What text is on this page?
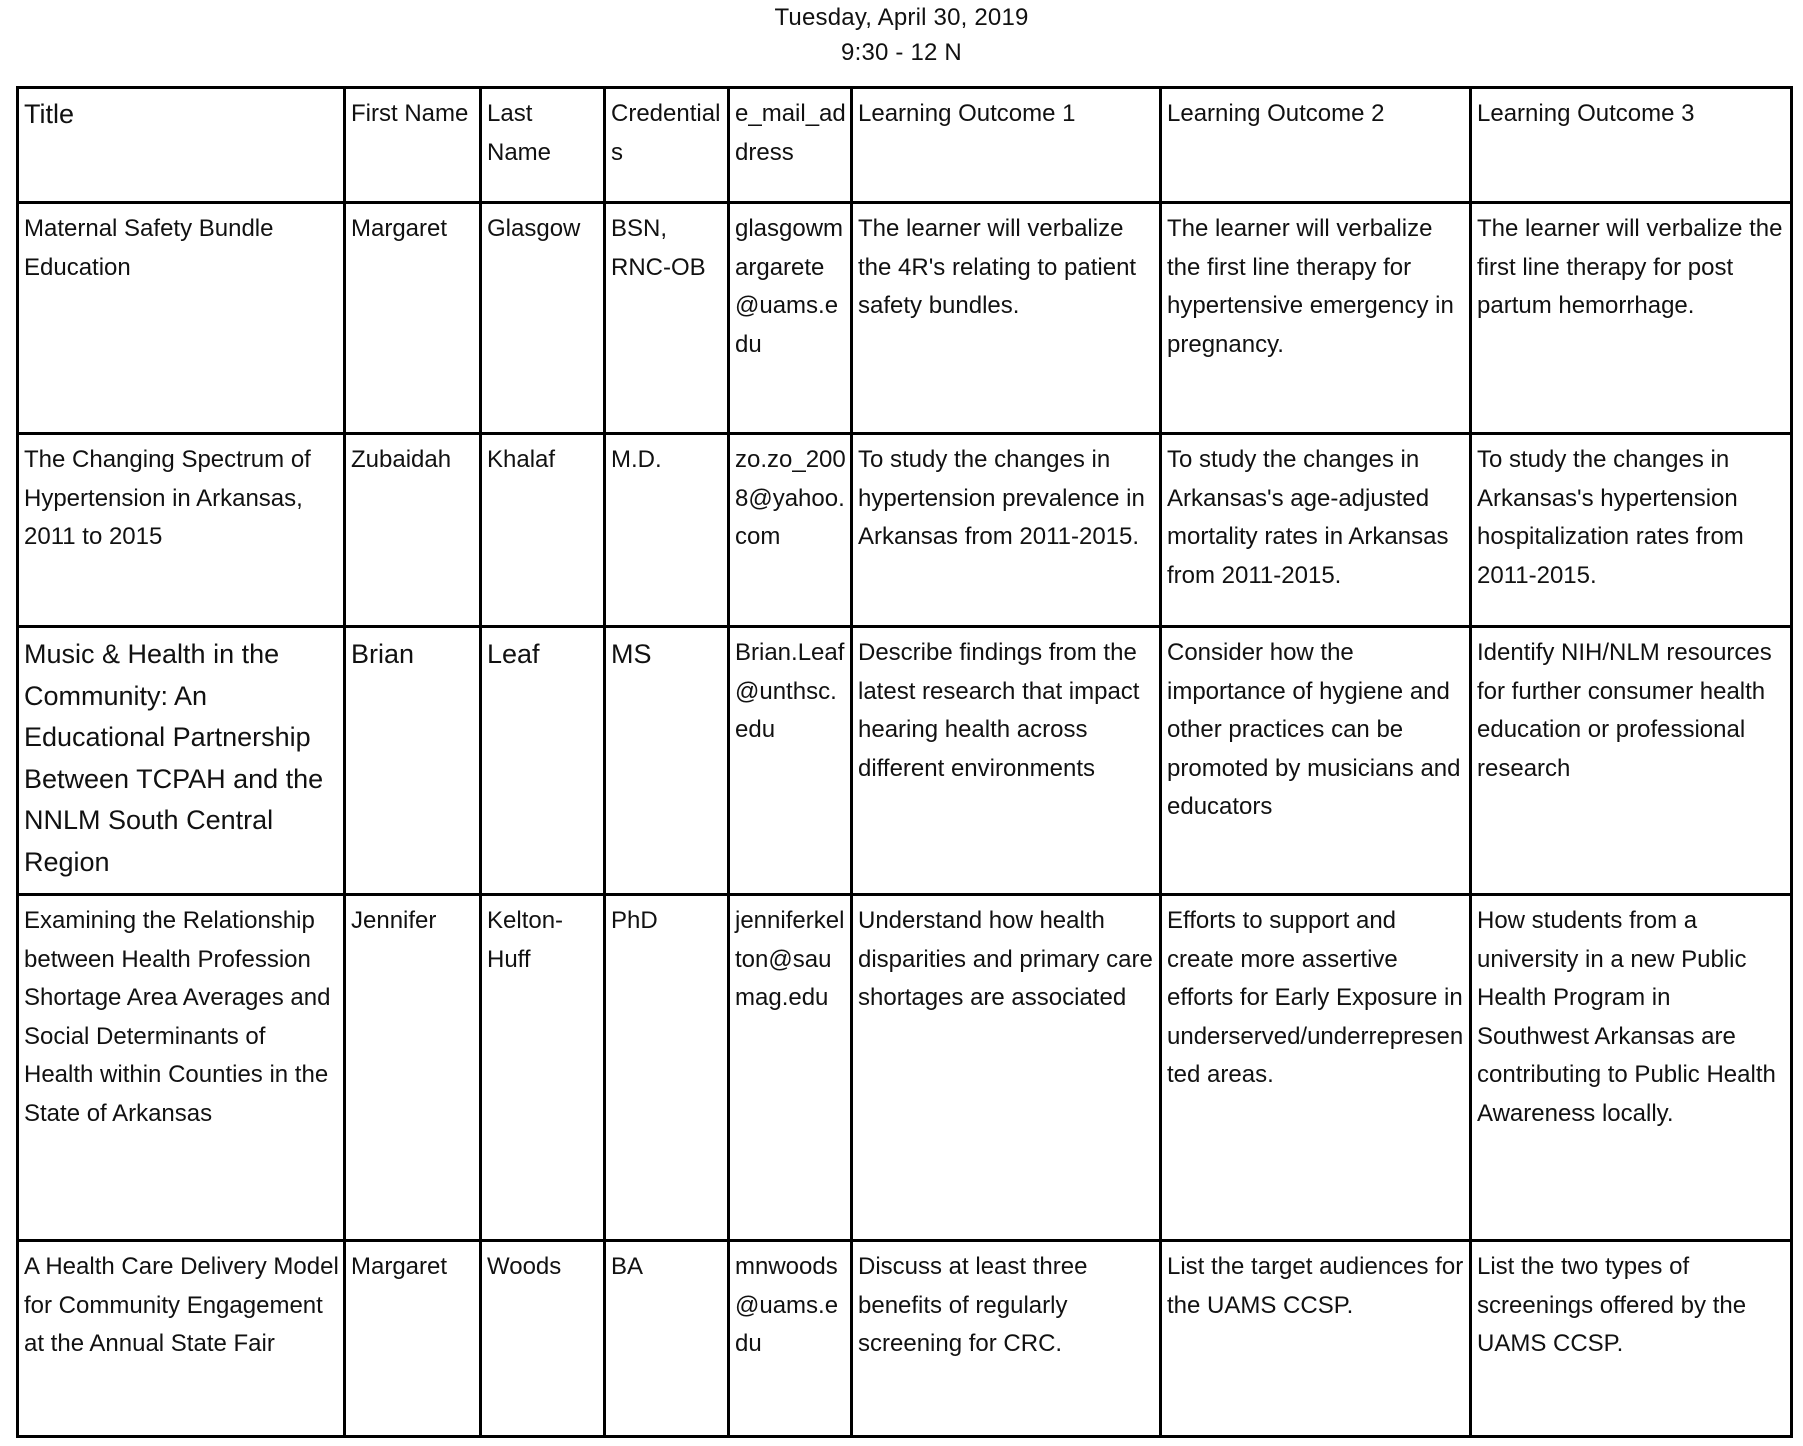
Tuesday, April 30, 2019
9:30 - 12 N
Title	First Name	Last Name	Credentials	e_mail_address	Learning Outcome 1	Learning Outcome 2	Learning Outcome 3
Maternal Safety Bundle Education	Margaret	Glasgow	BSN, RNC-OB	glasgowmargarete@uams.edu	The learner will verbalize the 4R's relating to patient safety bundles.	The learner will verbalize the first line therapy for hypertensive emergency in pregnancy.	The learner will verbalize the first line therapy for post partum hemorrhage.
The Changing Spectrum of Hypertension in Arkansas, 2011 to 2015	Zubaidah	Khalaf	M.D.	zo.zo_2008@yahoo.com	To study the changes in hypertension prevalence in Arkansas from 2011-2015.	To study the changes in Arkansas's age-adjusted mortality rates in Arkansas from 2011-2015.	To study the changes in Arkansas's hypertension hospitalization rates from 2011-2015.
Music & Health in the Community: An Educational Partnership Between TCPAH and the NNLM South Central Region	Brian	Leaf	MS	Brian.Leaf@unthsc.edu	Describe findings from the latest research that impact hearing health across different environments	Consider how the importance of hygiene and other practices can be promoted by musicians and educators	Identify NIH/NLM resources for further consumer health education or professional research
Examining the Relationship between Health Profession Shortage Area Averages and Social Determinants of Health within Counties in the State of Arkansas	Jennifer	Kelton-Huff	PhD	jenniferkelton@saumag.edu	Understand how health disparities and primary care shortages are associated	Efforts to support and create more assertive efforts for Early Exposure in underserved/underrepresented areas.	How students from a university in a new Public Health Program in Southwest Arkansas are contributing to Public Health Awareness locally.
A Health Care Delivery Model for Community Engagement at the Annual State Fair	Margaret	Woods	BA	mnwoods@uams.edu	Discuss at least three benefits of regularly screening for CRC.	List the target audiences for the UAMS CCSP.	List the two types of screenings offered by the UAMS CCSP.
